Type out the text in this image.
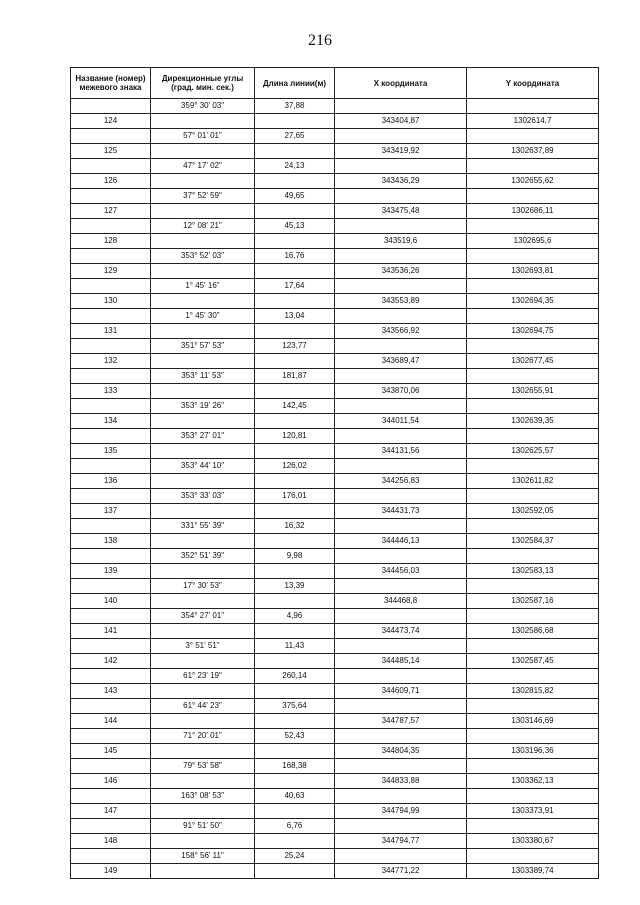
216
Название (номер) межевого знака	Дирекционные углы (град. мин. сек.)	Длина линии(м)	X координата	Y координата
	359° 30' 03"	37,88		
124			343404,87	1302614,7
	57° 01' 01"	27,65		
125			343419,92	1302637,89
	47° 17' 02"	24,13		
126			343436,29	1302655,62
	37° 52' 59"	49,65		
127			343475,48	1302686,11
	12° 08' 21"	45,13		
128			343519,6	1302695,6
	353° 52' 03"	16,76		
129			343536,26	1302693,81
	1° 45' 16"	17,64		
130			343553,89	1302694,35
	1° 45' 30"	13,04		
131			343566,92	1302694,75
	351° 57' 53"	123,77		
132			343689,47	1302677,45
	353° 11' 53"	181,87		
133			343870,06	1302655,91
	353° 19' 26"	142,45		
134			344011,54	1302639,35
	353° 27' 01"	120,81		
135			344131,56	1302625,57
	353° 44' 10"	126,02		
136			344256,83	1302611,82
	353° 33' 03"	176,01		
137			344431,73	1302592,05
	331° 55' 39"	16,32		
138			344446,13	1302584,37
	352° 51' 39"	9,98		
139			344456,03	1302583,13
	17° 30' 53"	13,39		
140			344468,8	1302587,16
	354° 27' 01"	4,96		
141			344473,74	1302586,68
	3° 51' 51"	11,43		
142			344485,14	1302587,45
	61° 23' 19"	260,14		
143			344609,71	1302815,82
	61° 44' 23"	375,64		
144			344787,57	1303146,69
	71° 20' 01"	52,43		
145			344804,35	1303196,36
	79° 53' 58"	168,38		
146			344833,88	1303362,13
	163° 08' 53"	40,63		
147			344794,99	1303373,91
	91° 51' 50"	6,76		
148			344794,77	1303380,67
	158° 56' 11"	25,24		
149			344771,22	1303389,74
